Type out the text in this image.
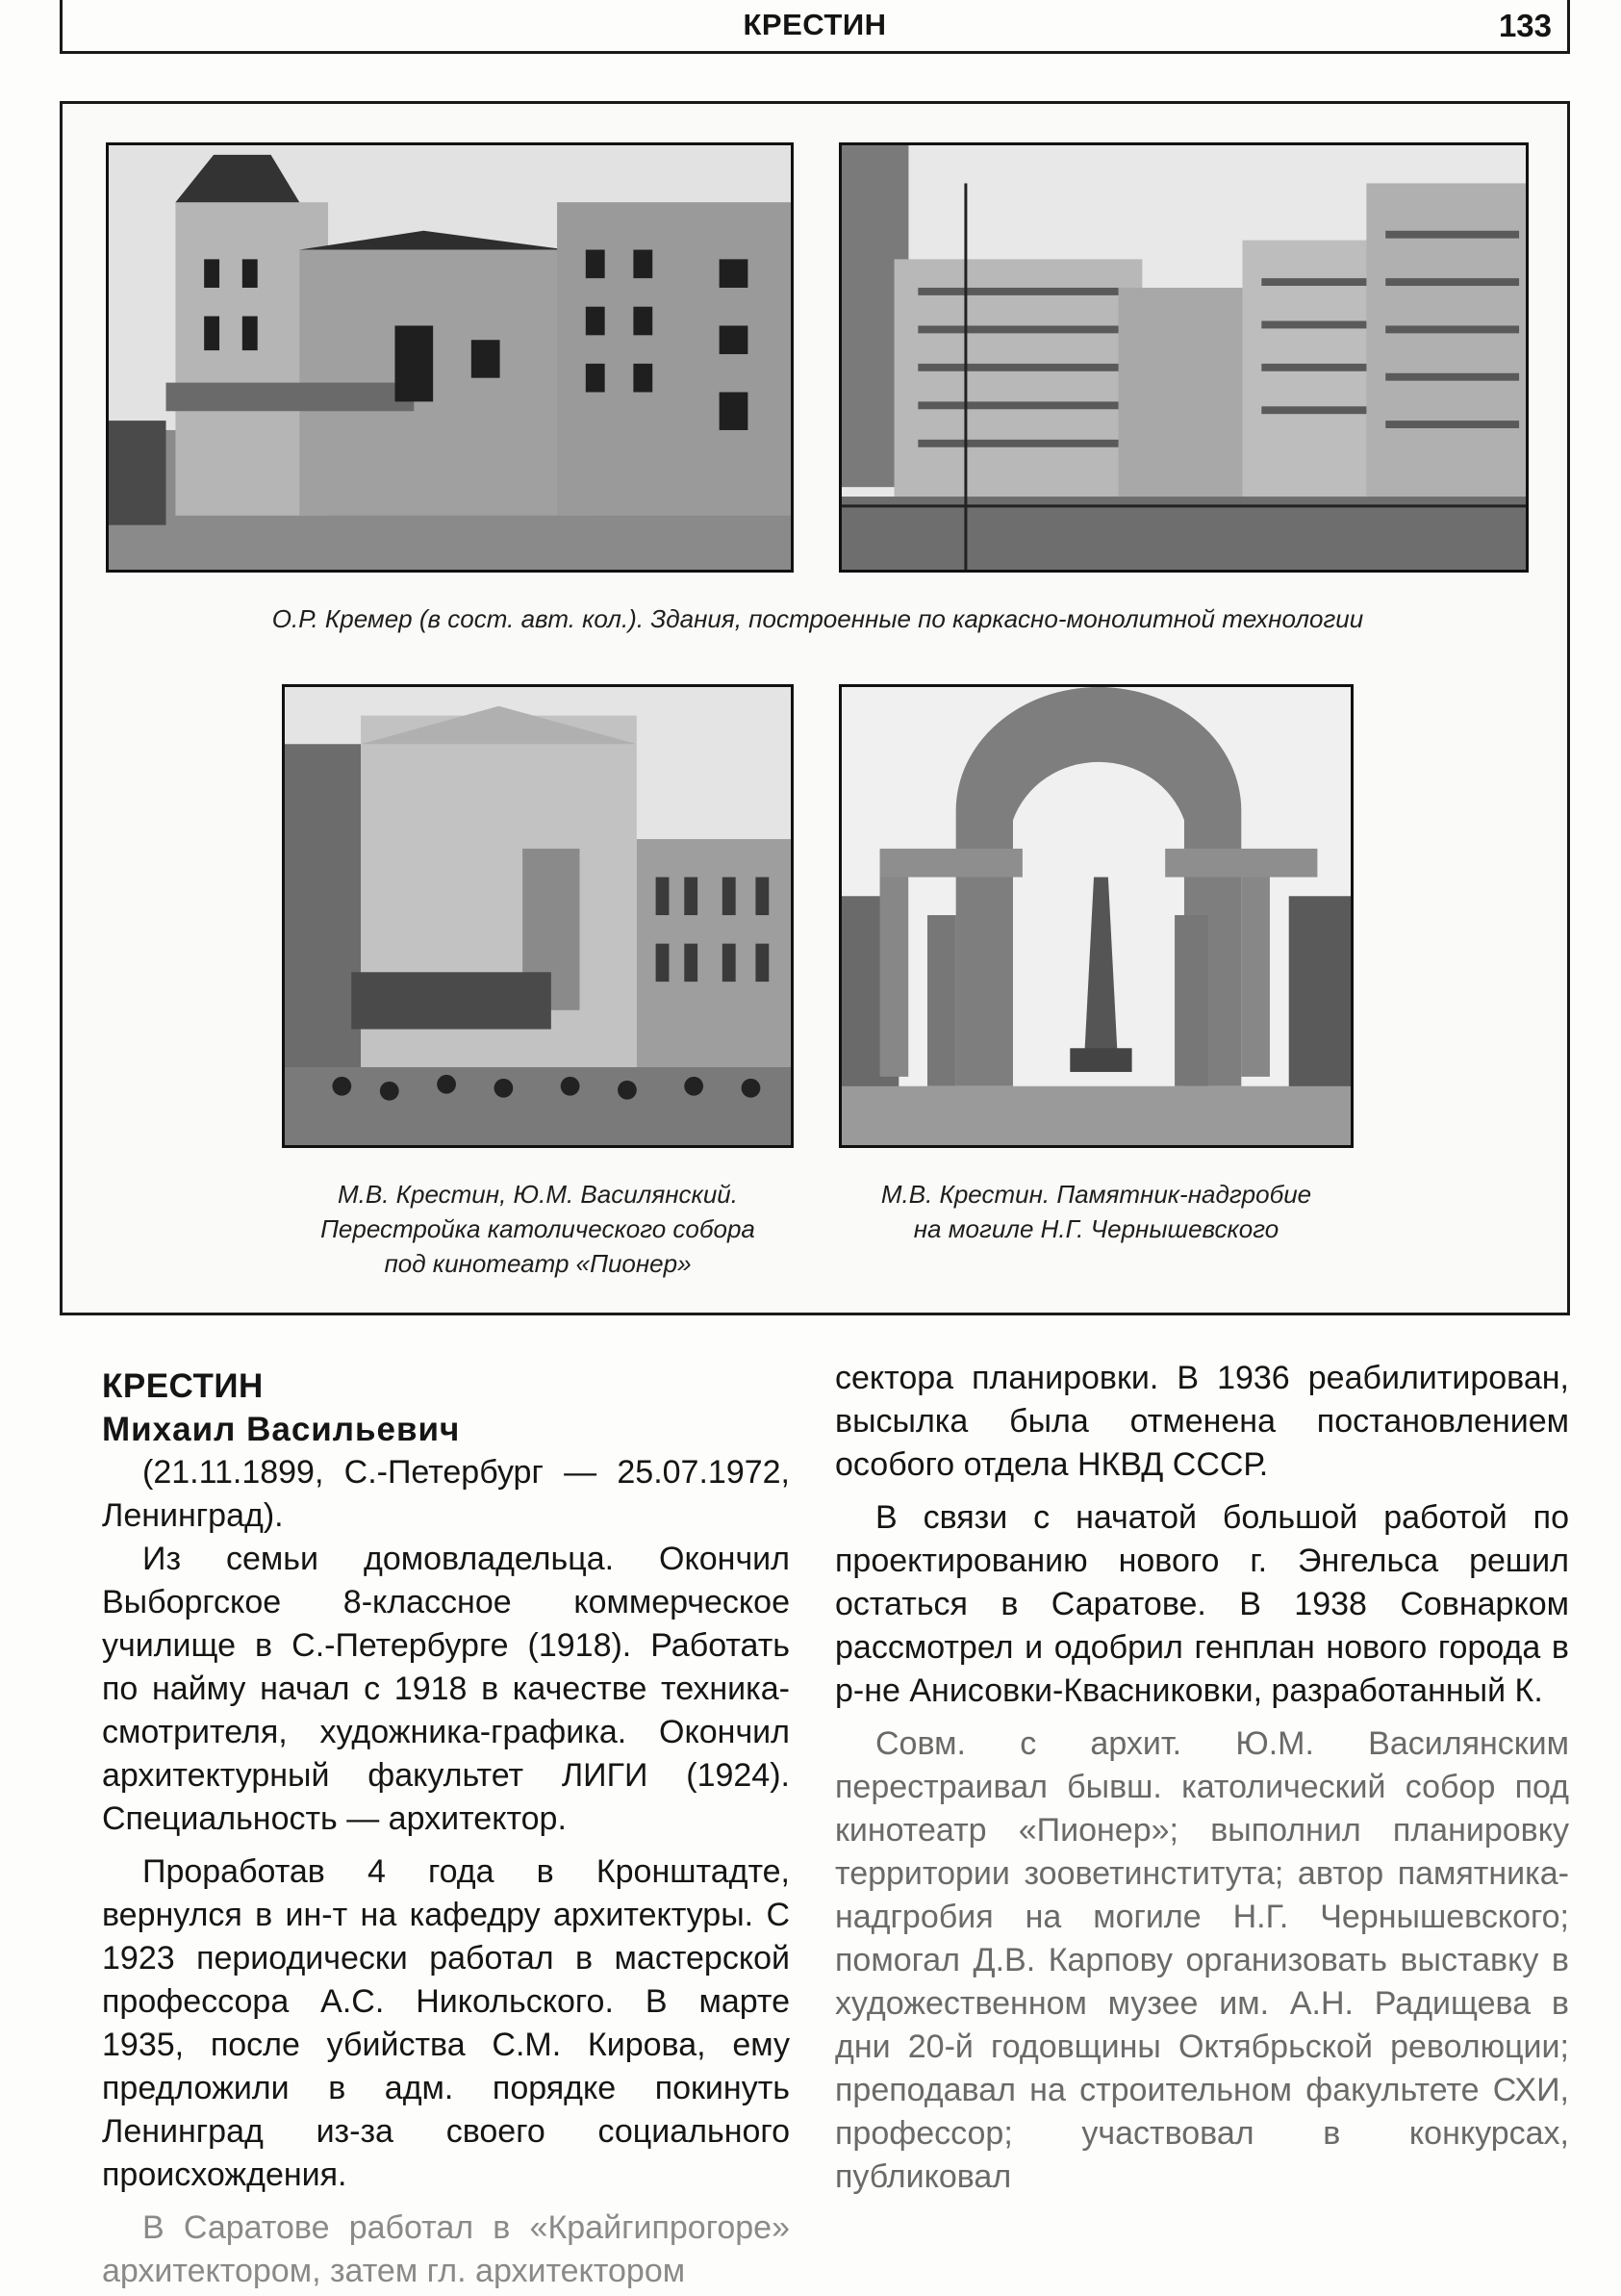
КРЕСТИН	133
О.Р. Кремер (в сост. авт. кол.). Здания, построенные по каркасно-монолитной технологии
М.В. Крестин, Ю.М. Василянский.
Перестройка католического собора
под кинотеатр «Пионер»
М.В. Крестин. Памятник-надгробие
на могиле Н.Г. Чернышевского
КРЕСТИН
Михаил Васильевич

(21.11.1899, С.-Петербург — 25.07.1972, Ленинград).

Из семьи домовладельца. Окончил Выборгское 8-классное коммерческое училище в С.-Петербурге (1918). Работать по найму начал с 1918 в качестве техника-смотрителя, художника-графика. Окончил архитектурный факультет ЛИГИ (1924). Специальность — архитектор.

Проработав 4 года в Кронштадте, вернулся в ин-т на кафедру архитектуры. С 1923 периодически работал в мастерской профессора А.С. Никольского. В марте 1935, после убийства С.М. Кирова, ему предложили в адм. порядке покинуть Ленинград из-за своего социального происхождения.

В Саратове работал в «Крайгипрогоре» архитектором, затем гл. архитектором

сектора планировки. В 1936 реабилитирован, высылка была отменена постановлением особого отдела НКВД СССР.

В связи с начатой большой работой по проектированию нового г. Энгельса решил остаться в Саратове. В 1938 Совнарком рассмотрел и одобрил генплан нового города в р-не Анисовки-Квасниковки, разработанный К.

Совм. с архит. Ю.М. Василянским перестраивал бывш. католический собор под кинотеатр «Пионер»; выполнил планировку территории зооветинститута; автор памятника-надгробия на могиле Н.Г. Чернышевского; помогал Д.В. Карпову организовать выставку в художественном музее им. А.Н. Радищева в дни 20-й годовщины Октябрьской революции; преподавал на строительном факультете СХИ, профессор; участвовал в конкурсах, публиковал
